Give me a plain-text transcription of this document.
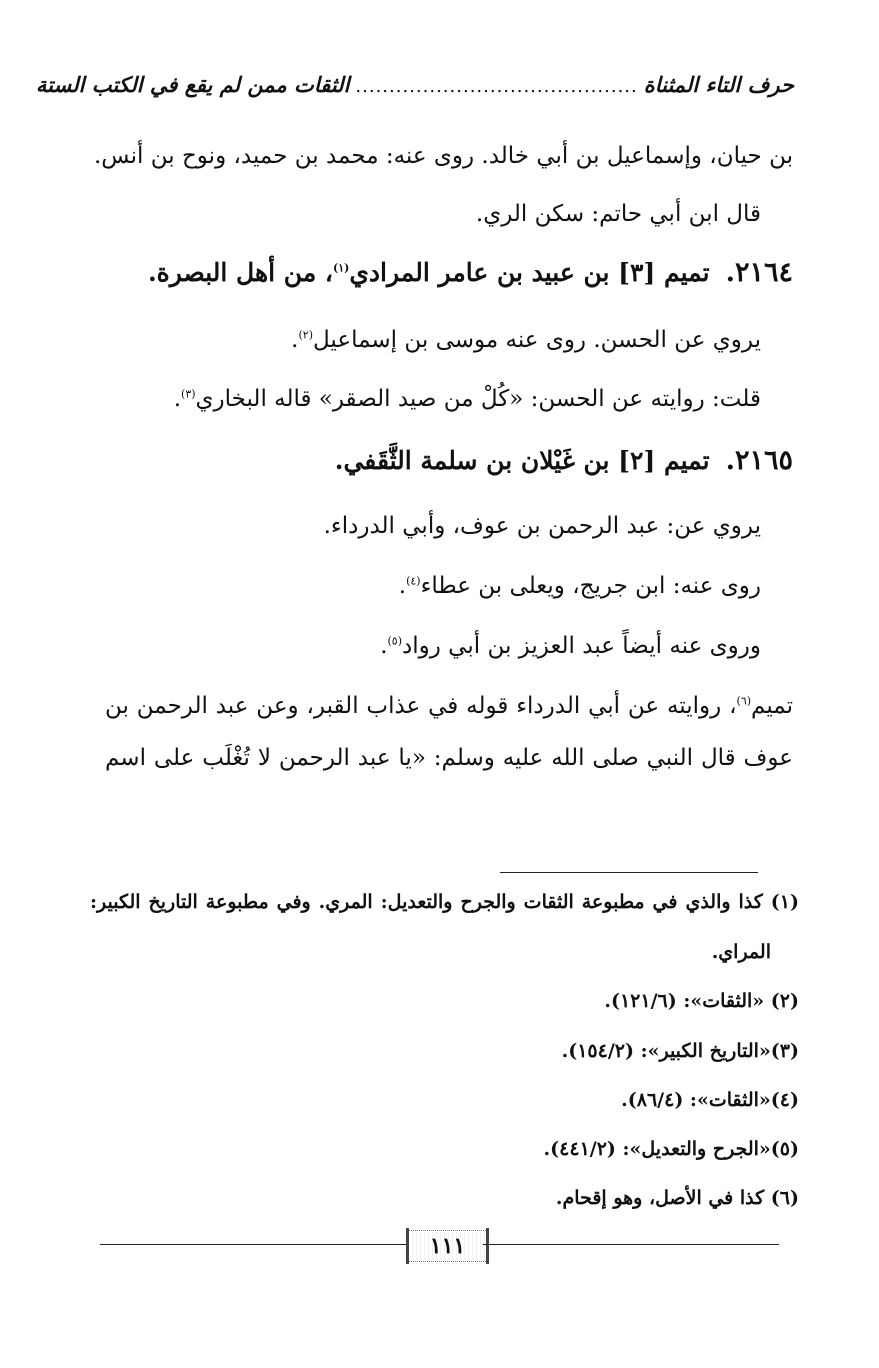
حرف التاء المثناة
..........................................
الثقات ممن لم يقع في الكتب الستة
بن حيان، وإسماعيل بن أبي خالد. روى عنه: محمد بن حميد، ونوح بن أنس.
قال ابن أبي حاتم: سكن الري.
٢١٦٤.تميم [٣] بن عبيد بن عامر المرادي$^{(١)}$، من أهل البصرة.
يروي عن الحسن. روى عنه موسى بن إسماعيل$^{(٢)}$.
قلت: روايته عن الحسن: «كُلْ من صيد الصقر» قاله البخاري$^{(٣)}$.
٢١٦٥.تميم [٢] بن غَيْلان بن سلمة الثَّقَفي.
يروي عن: عبد الرحمن بن عوف، وأبي الدرداء.
روى عنه: ابن جريج، ويعلى بن عطاء$^{(٤)}$.
وروى عنه أيضاً عبد العزيز بن أبي رواد$^{(٥)}$.
تميم$^{(٦)}$، روايته عن أبي الدرداء قوله في عذاب القبر، وعن عبد الرحمن بن
عوف قال النبي صلى الله عليه وسلم: «يا عبد الرحمن لا تُغْلَب على اسم
(١) كذا والذي في مطبوعة الثقات والجرح والتعديل: المري. وفي مطبوعة التاريخ الكبير:
المراي.
(٢) «الثقات»: (١٢١/٦).
(٣)«التاريخ الكبير»: (١٥٤/٢).
(٤)«الثقات»: (٨٦/٤).
(٥)«الجرح والتعديل»: (٤٤١/٢).
(٦) كذا في الأصل، وهو إقحام.
١١١
